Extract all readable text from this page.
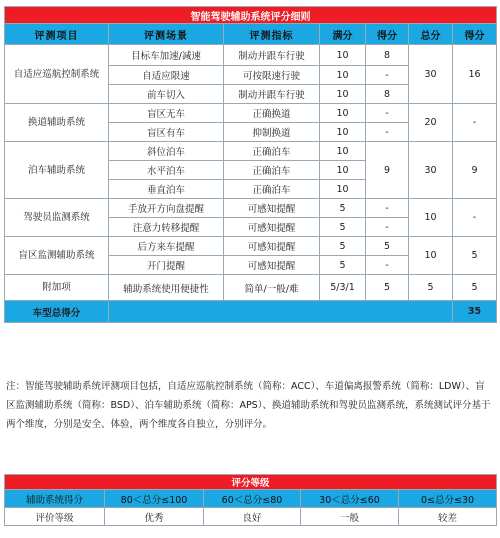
智能驾驶辅助系统评分细则						
评测项目	评测场景	评测指标	满分	得分	总分	得分
自适应巡航控制系统	目标车加速/减速	制动并跟车行驶	10	8	30	16
	自适应限速	可按限速行驶	10	-		
	前车切入	制动并跟车行驶	10	8		
换道辅助系统	盲区无车	正确换道	10	-	20	-
	盲区有车	抑制换道	10	-		
泊车辅助系统	斜位泊车	正确泊车	10	9	30	9
	水平泊车	正确泊车	10			
	垂直泊车	正确泊车	10			
驾驶员监测系统	手放开方向盘提醒	可感知提醒	5	-	10	-
	注意力转移提醒	可感知提醒	5	-		
盲区监测辅助系统	后方来车提醒	可感知提醒	5	5	10	5
	开门提醒	可感知提醒	5	-		
附加项	辅助系统使用便捷性	简单/一般/难	5/3/1	5	5	5
车型总得分						35

注：智能驾驶辅助系统评测项目包括，自适应巡航控制系统（简称：ACC）、车道偏离报警系统（简称：LDW）、盲区监测辅助系统（简称：BSD）、泊车辅助系统（简称：APS）、换道辅助系统和驾驶员监测系统，系统测试评分基于两个维度，分别是安全、体验，两个维度各自独立，分别评分。

评分等级				
辅助系统得分	80＜总分≤100	60＜总分≤80	30＜总分≤60	0≤总分≤30
评价等级	优秀	良好	一般	较差
